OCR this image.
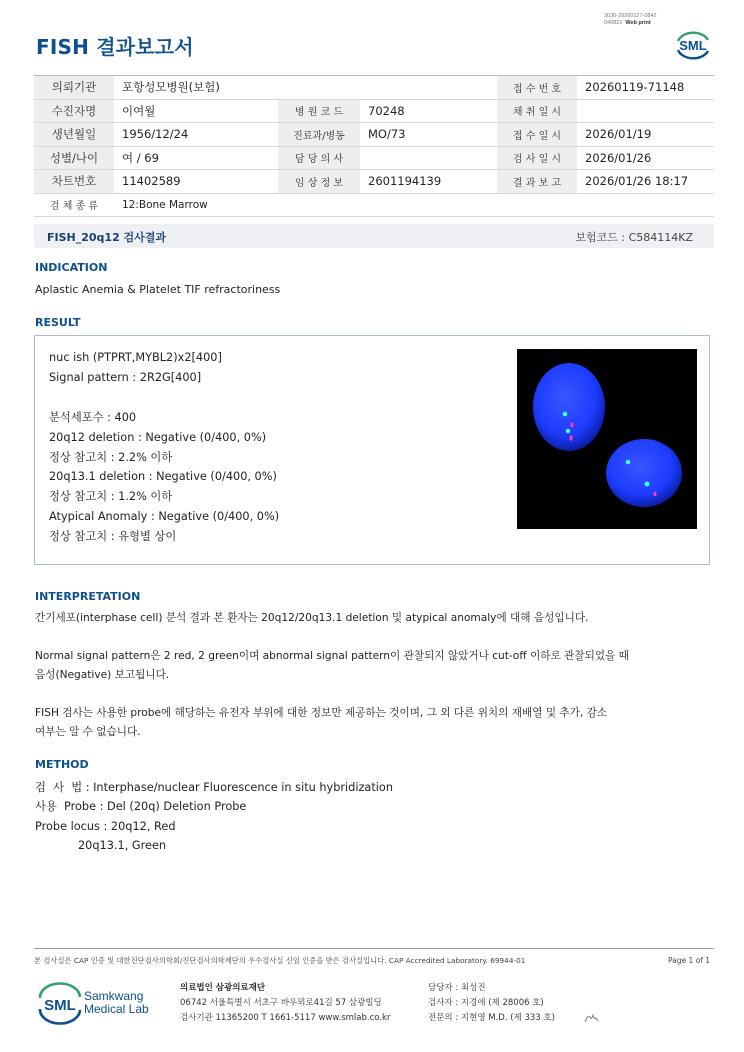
3036-20260127-0842
040822 Web print
FISH 결과보고서	SML
의뢰기관	포항성모병원(보험)			접 수 번 호	20260119-71148
수진자명	이여월	병 원 코 드	70248	채 취 일 시	
생년월일	1956/12/24	진료과/병동	MO/73	접 수 일 시	2026/01/19
성별/나이	여 / 69	담 당 의 사		검 사 일 시	2026/01/26
차트번호	11402589	임 상 정 보	2601194139	결 과 보 고	2026/01/26 18:17
검 체 종 류	12:Bone Marrow				
FISH_20q12 검사결과	보험코드 : C584114KZ
INDICATION
Aplastic Anemia & Platelet TIF refractoriness
RESULT
nuc ish (PTPRT,MYBL2)x2[400]
Signal pattern : 2R2G[400]
분석세포수 : 400
20q12 deletion : Negative (0/400, 0%)
정상 참고치 : 2.2% 이하
20q13.1 deletion : Negative (0/400, 0%)
정상 참고치 : 1.2% 이하
Atypical Anomaly : Negative (0/400, 0%)
정상 참고치 : 유형별 상이
INTERPRETATION
간기세포(interphase cell) 분석 결과 본 환자는 20q12/20q13.1 deletion 및 atypical anomaly에 대해 음성입니다.
Normal signal pattern은 2 red, 2 green이며 abnormal signal pattern이 관찰되지 않았거나 cut-off 이하로 관찰되었을 때
음성(Negative) 보고됩니다.
FISH 검사는 사용한 probe에 해당하는 유전자 부위에 대한 정보만 제공하는 것이며, 그 외 다른 위치의 재배열 및 추가, 감소
여부는 알 수 없습니다.
METHOD
검  사  법 : Interphase/nuclear Fluorescence in situ hybridization
사용  Probe : Del (20q) Deletion Probe
Probe locus : 20q12, Red
20q13.1, Green
본 검사실은 CAP 인증 및 대한진단검사의학회/진단검사의학재단의 우수검사실 신임 인증을 받은 검사실입니다. CAP Accredited Laboratory. 69944-01	Page 1 of 1
SML
Samkwang
Medical Lab
의료법인 삼광의료재단
06742 서울특별시 서초구 바우뫼로41길 57 삼광빌딩
검사기관 11365200 T 1661-5117 www.smlab.co.kr
담당자 : 최성진
검사자 : 지경애 (제 28006 호)
전문의 : 지현영 M.D. (제 333 호)
